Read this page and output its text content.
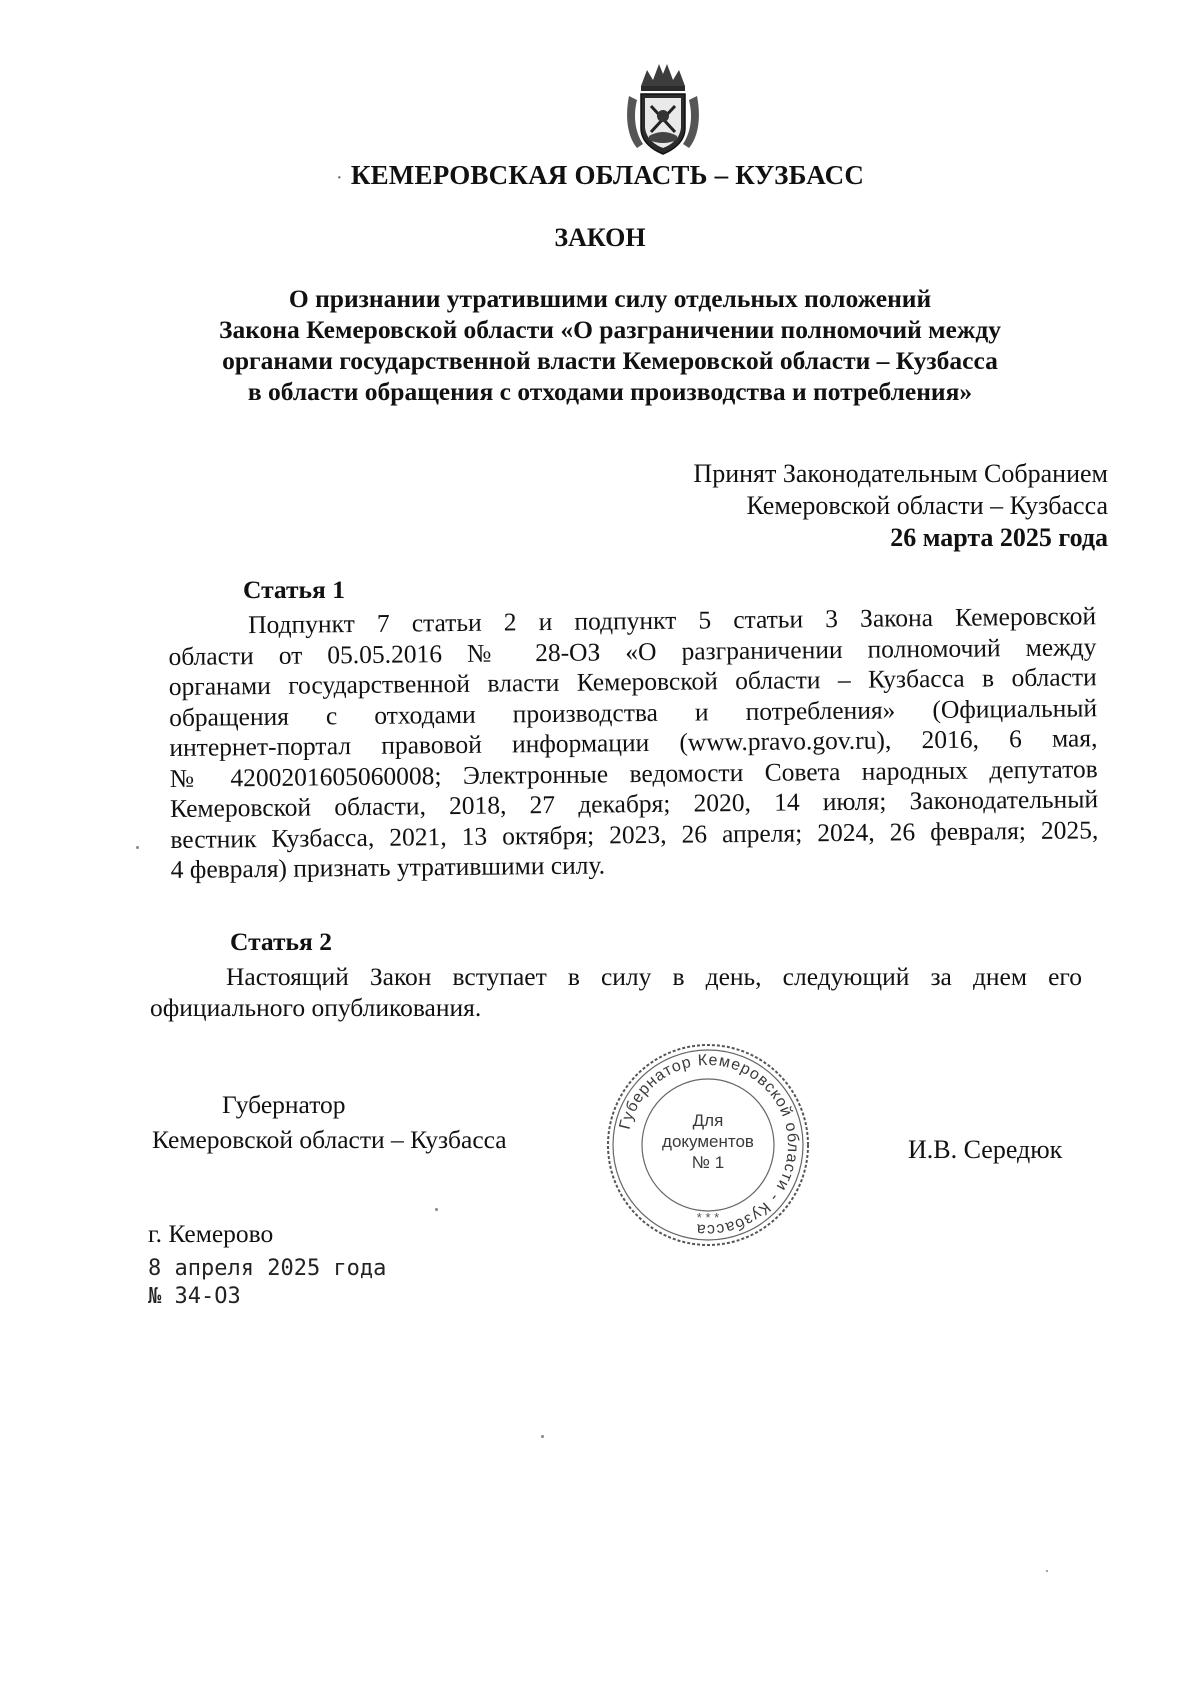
· КЕМЕРОВСКАЯ ОБЛАСТЬ – КУЗБАСС
ЗАКОН
О признании утратившими силу отдельных положений
Закона Кемеровской области «О разграничении полномочий между
органами государственной власти Кемеровской области – Кузбасса
в области обращения с отходами производства и потребления»
Принят Законодательным Собранием
Кемеровской области – Кузбасса
26 марта 2025 года
Статья 1
Подпункт 7 статьи 2 и подпункт 5 статьи 3 Закона Кемеровской
области от 05.05.2016 № 28-ОЗ «О разграничении полномочий между
органами государственной власти Кемеровской области – Кузбасса в области
обращения с отходами производства и потребления» (Официальный
интернет-портал правовой информации (www.pravo.gov.ru), 2016, 6 мая,
№ 4200201605060008; Электронные ведомости Совета народных депутатов
Кемеровской области, 2018, 27 декабря; 2020, 14 июля; Законодательный
вестник Кузбасса, 2021, 13 октября; 2023, 26 апреля; 2024, 26 февраля; 2025,
4 февраля) признать утратившими силу.
Статья 2
Настоящий Закон вступает в силу в день, следующий за днем его
официального опубликования.
Губернатор
Кемеровской области – Кузбасса
Губернатор Кемеровской области - Кузбасса
* * *
Для
документов
№ 1	И.В. Середюк
г. Кемерово
8 апреля 2025 года
№ 34-ОЗ
